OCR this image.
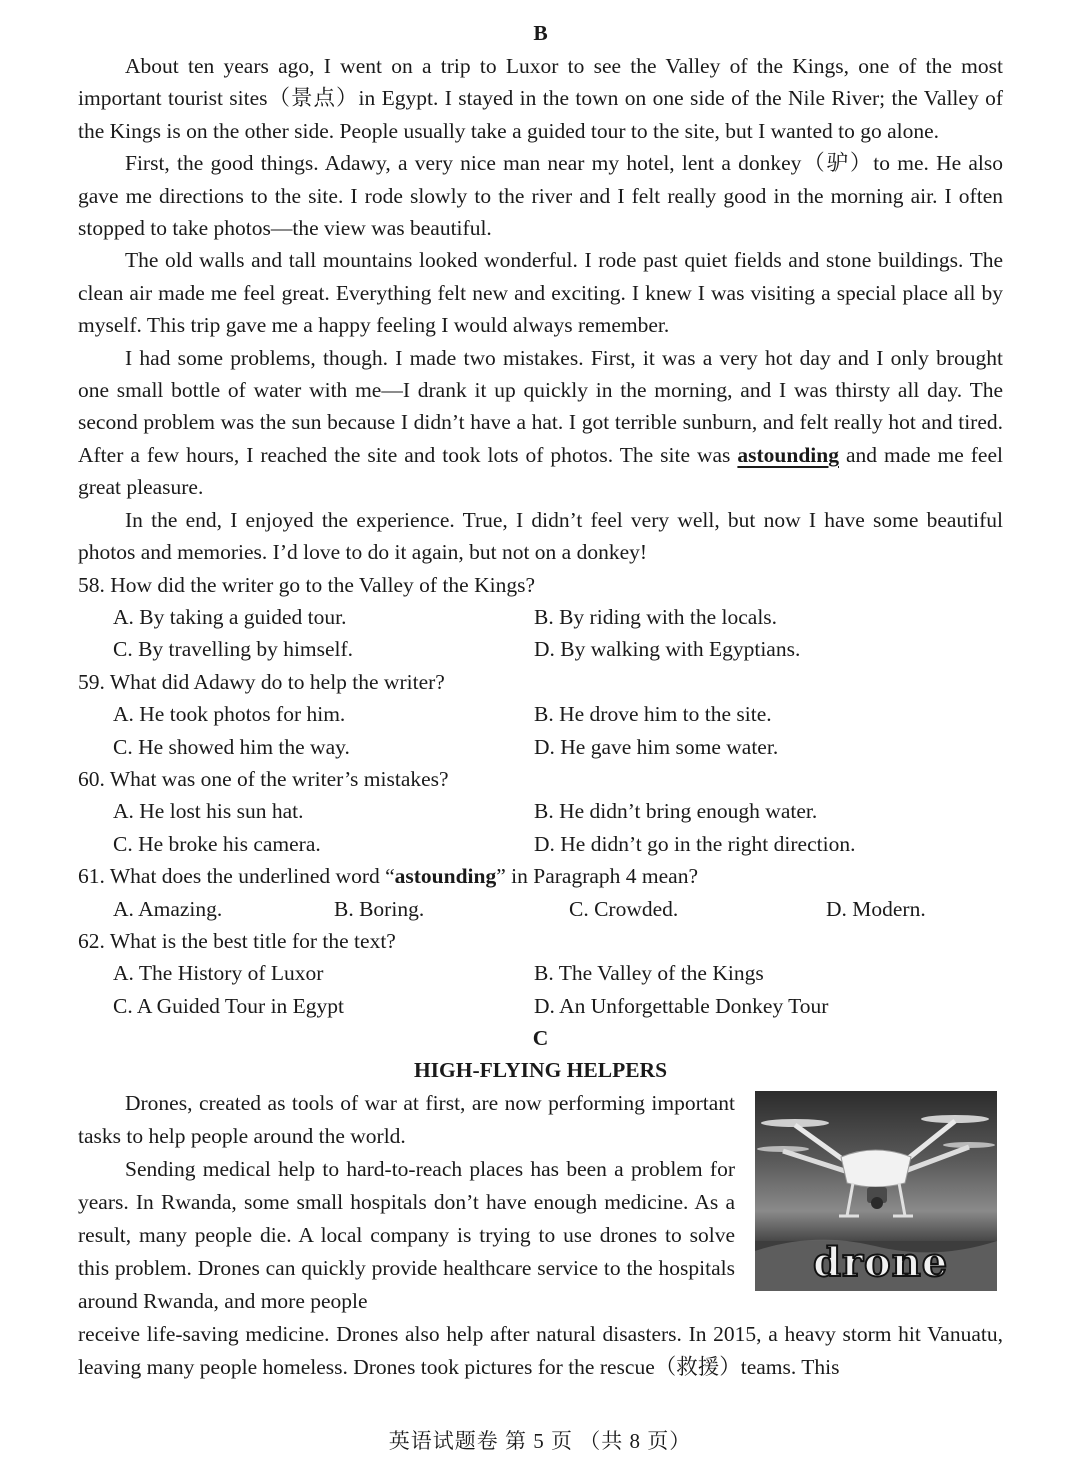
B

About ten years ago, I went on a trip to Luxor to see the Valley of the Kings, one of the most important tourist sites（景点）in Egypt. I stayed in the town on one side of the Nile River; the Valley of the Kings is on the other side. People usually take a guided tour to the site, but I wanted to go alone.

First, the good things. Adawy, a very nice man near my hotel, lent a donkey（驴）to me. He also gave me directions to the site. I rode slowly to the river and I felt really good in the morning air. I often stopped to take photos—the view was beautiful.

The old walls and tall mountains looked wonderful. I rode past quiet fields and stone buildings. The clean air made me feel great. Everything felt new and exciting. I knew I was visiting a special place all by myself. This trip gave me a happy feeling I would always remember.

I had some problems, though. I made two mistakes. First, it was a very hot day and I only brought one small bottle of water with me—I drank it up quickly in the morning, and I was thirsty all day. The second problem was the sun because I didn’t have a hat. I got terrible sunburn, and felt really hot and tired. After a few hours, I reached the site and took lots of photos. The site was astounding and made me feel great pleasure.

In the end, I enjoyed the experience. True, I didn’t feel very well, but now I have some beautiful photos and memories. I’d love to do it again, but not on a donkey!

58. How did the writer go to the Valley of the Kings?
A. By taking a guided tour.	B. By riding with the locals.
C. By travelling by himself.	D. By walking with Egyptians.
59. What did Adawy do to help the writer?
A. He took photos for him.	B. He drove him to the site.
C. He showed him the way.	D. He gave him some water.
60. What was one of the writer’s mistakes?
A. He lost his sun hat.	B. He didn’t bring enough water.
C. He broke his camera.	D. He didn’t go in the right direction.
61. What does the underlined word “astounding” in Paragraph 4 mean?
A. Amazing.	B. Boring.	C. Crowded.	D. Modern.
62. What is the best title for the text?
A. The History of Luxor	B. The Valley of the Kings
C. A Guided Tour in Egypt	D. An Unforgettable Donkey Tour
C
HIGH-FLYING HELPERS

Drones, created as tools of war at first, are now performing important tasks to help people around the world.

Sending medical help to hard-to-reach places has been a problem for years. In Rwanda, some small hospitals don’t have enough medicine. As a result, many people die. A local company is trying to use drones to solve this problem. Drones can quickly provide healthcare service to the hospitals around Rwanda, and more people

drone

receive life-saving medicine. Drones also help after natural disasters. In 2015, a heavy storm hit Vanuatu, leaving many people homeless. Drones took pictures for the rescue（救援）teams. This

英语试题卷 第 5 页 （共 8 页）
